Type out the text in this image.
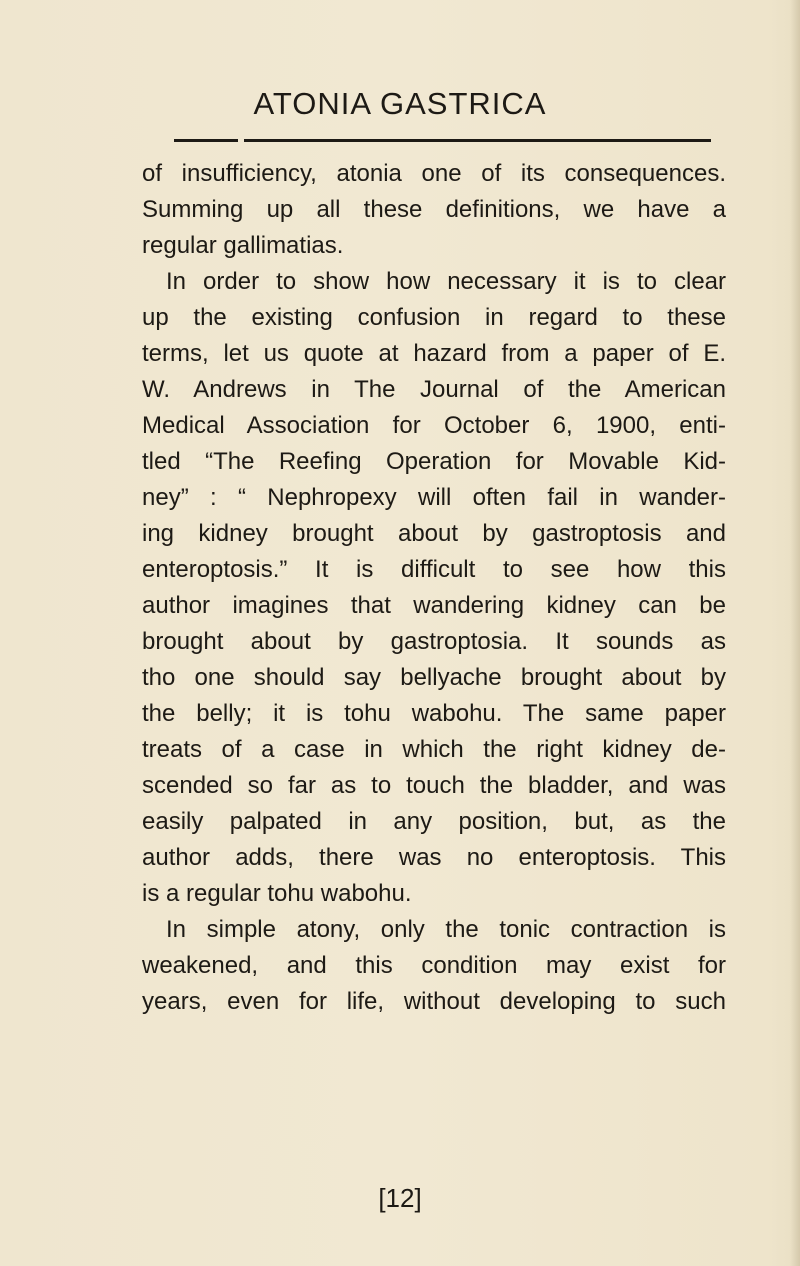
ATONIA GASTRICA
of insufficiency, atonia one of its consequences.
Summing up all these definitions, we have a
regular gallimatias.
In order to show how necessary it is to clear
up the existing confusion in regard to these
terms, let us quote at hazard from a paper of E.
W. Andrews in The Journal of the American
Medical Association for October 6, 1900, enti-
tled “The Reefing Operation for Movable Kid-
ney” : “ Nephropexy will often fail in wander-
ing kidney brought about by gastroptosis and
enteroptosis.” It is difficult to see how this
author imagines that wandering kidney can be
brought about by gastroptosia. It sounds as
tho one should say bellyache brought about by
the belly; it is tohu wabohu. The same paper
treats of a case in which the right kidney de-
scended so far as to touch the bladder, and was
easily palpated in any position, but, as the
author adds, there was no enteroptosis. This
is a regular tohu wabohu.
In simple atony, only the tonic contraction is
weakened, and this condition may exist for
years, even for life, without developing to such
[12]
